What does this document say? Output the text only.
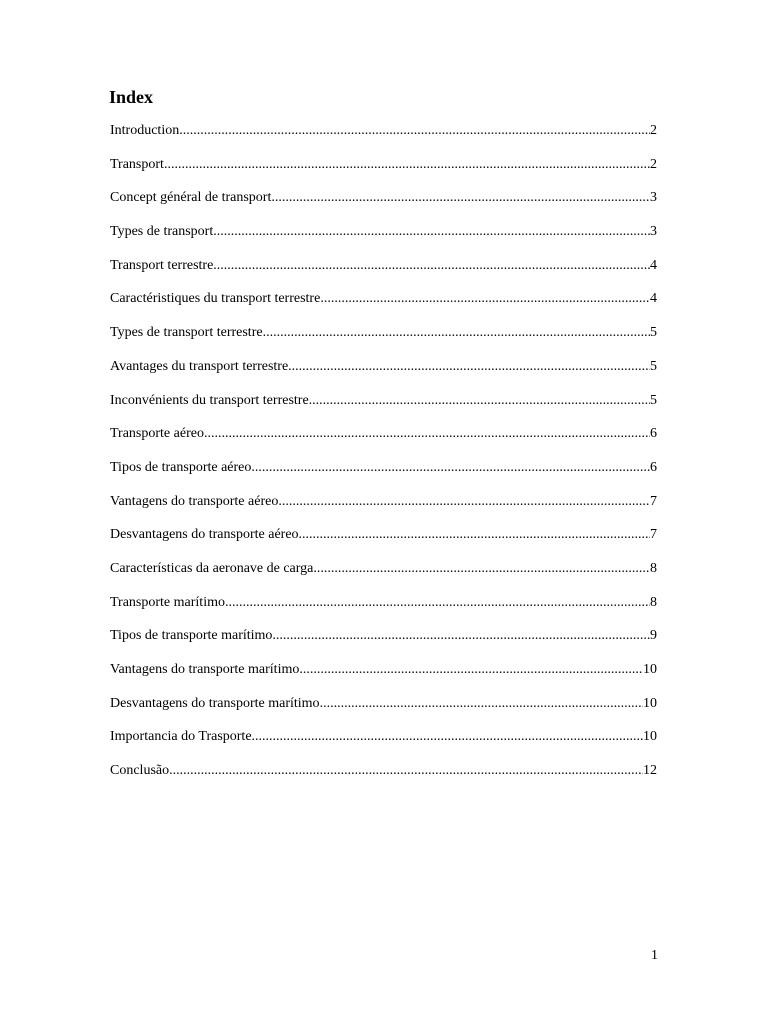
Index
Introduction .....	2
Transport .....	2
Concept général de transport .....	3
Types de transport .....	3
Transport terrestre .....	4
Caractéristiques du transport terrestre .....	4
Types de transport terrestre .....	5
Avantages du transport terrestre .....	5
Inconvénients du transport terrestre .....	5
Transporte aéreo .....	6
Tipos de transporte aéreo .....	6
Vantagens do transporte aéreo .....	7
Desvantagens do transporte aéreo .....	7
Características da aeronave de carga .....	8
Transporte marítimo .....	8
Tipos de transporte marítimo .....	9
Vantagens do transporte marítimo .....	10
Desvantagens do transporte marítimo .....	10
Importancia do Trasporte .....	10
Conclusão .....	12
1
